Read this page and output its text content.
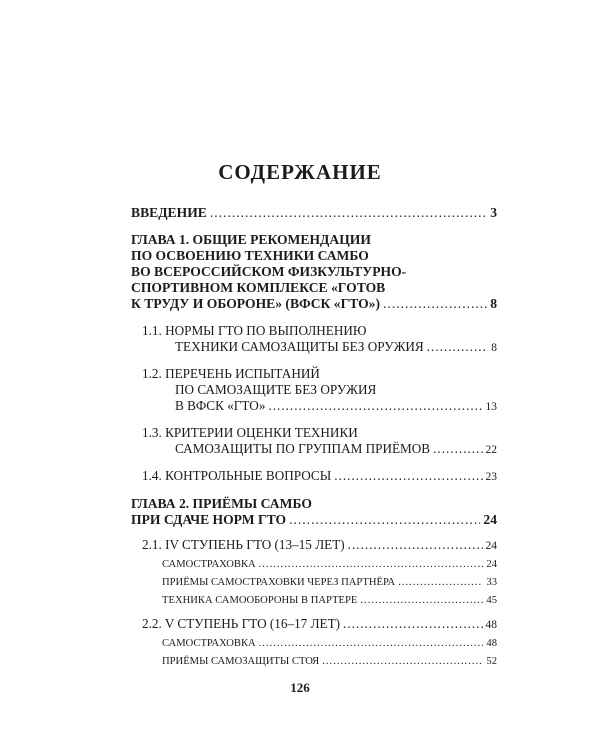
СОДЕРЖАНИЕ
ВВЕДЕНИЕ .....	3
ГЛАВА 1. ОБЩИЕ РЕКОМЕНДАЦИИ
ПО ОСВОЕНИЮ ТЕХНИКИ САМБО
ВО ВСЕРОССИЙСКОМ ФИЗКУЛЬТУРНО-
СПОРТИВНОМ КОМПЛЕКСЕ «ГОТОВ
К ТРУДУ И ОБОРОНЕ» (ВФСК «ГТО») .....	8
1.1. НОРМЫ ГТО ПО ВЫПОЛНЕНИЮ
ТЕХНИКИ САМОЗАЩИТЫ БЕЗ ОРУЖИЯ .....	8
1.2. ПЕРЕЧЕНЬ ИСПЫТАНИЙ
ПО САМОЗАЩИТЕ БЕЗ ОРУЖИЯ
В ВФСК «ГТО» .....	13
1.3. КРИТЕРИИ ОЦЕНКИ ТЕХНИКИ
САМОЗАЩИТЫ ПО ГРУППАМ ПРИЁМОВ .....	22
1.4. КОНТРОЛЬНЫЕ ВОПРОСЫ .....	23
ГЛАВА 2. ПРИЁМЫ САМБО
ПРИ СДАЧЕ НОРМ ГТО .....	24
2.1. IV СТУПЕНЬ ГТО (13–15 ЛЕТ) .....	24
САМОСТРАХОВКА .....	24
ПРИЁМЫ САМОСТРАХОВКИ ЧЕРЕЗ ПАРТНЁРА .....	33
ТЕХНИКА САМООБОРОНЫ В ПАРТЕРЕ .....	45
2.2. V СТУПЕНЬ ГТО (16–17 ЛЕТ) .....	48
САМОСТРАХОВКА .....	48
ПРИЁМЫ САМОЗАЩИТЫ СТОЯ .....	52
126
